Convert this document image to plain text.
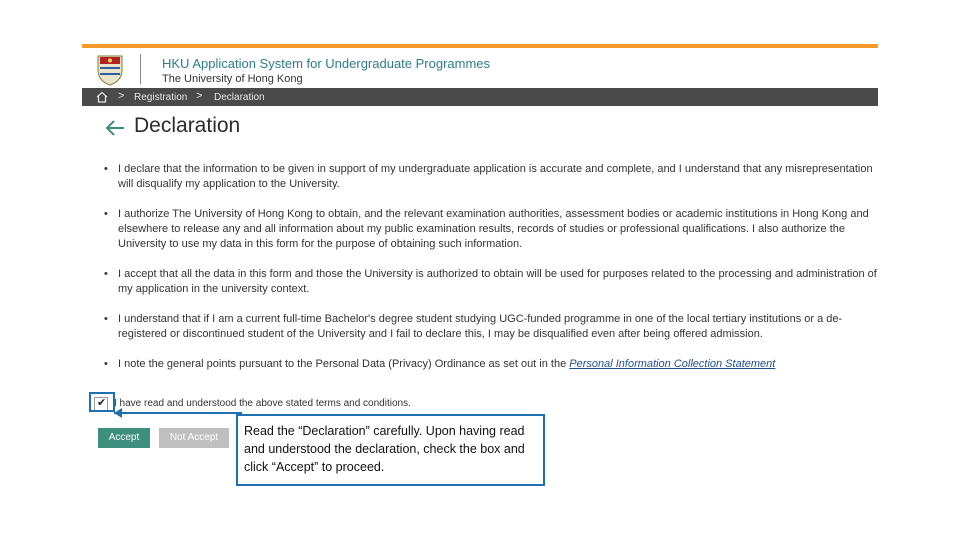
HKU Application System for Undergraduate Programmes
The University of Hong Kong
> Registration > Declaration
Declaration
• I declare that the information to be given in support of my undergraduate application is accurate and complete, and I understand that any misrepresentation will disqualify my application to the University.
• I authorize The University of Hong Kong to obtain, and the relevant examination authorities, assessment bodies or academic institutions in Hong Kong and elsewhere to release any and all information about my public examination results, records of studies or professional qualifications. I also authorize the University to use my data in this form for the purpose of obtaining such information.
• I accept that all the data in this form and those the University is authorized to obtain will be used for purposes related to the processing and administration of my application in the university context.
• I understand that if I am a current full-time Bachelor's degree student studying UGC-funded programme in one of the local tertiary institutions or a de-registered or discontinued student of the University and I fail to declare this, I may be disqualified even after being offered admission.
• I note the general points pursuant to the Personal Data (Privacy) Ordinance as set out in the Personal Information Collection Statement
✔ I have read and understood the above stated terms and conditions.
Accept	Not Accept	Read the “Declaration” carefully. Upon having read and understood the declaration, check the box and click “Accept” to proceed.
